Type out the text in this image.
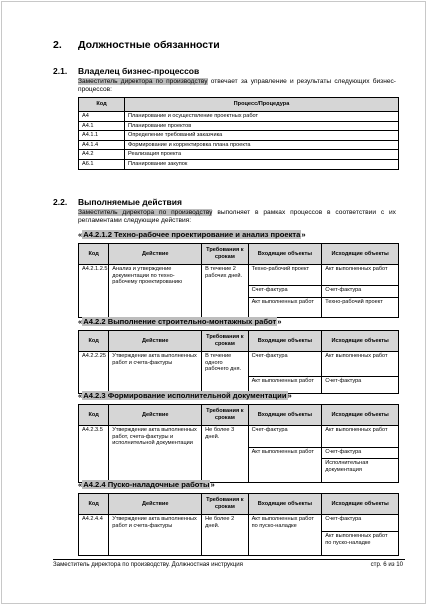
2. Должностные обязанности
2.1. Владелец бизнес-процессов
Заместитель директора по производству отвечает за управление и результаты следующих бизнес-процессов:
Код	Процесс/Процедура
А4	Планирование и осуществление проектных работ
А4.1	Планирование проектов
А4.1.1	Определение требований заказчика
А4.1.4	Формирование и корректировка плана проекта
А4.2	Реализация проекта
А6.1	Планирование закупок
2.2. Выполняемые действия
Заместитель директора по производству выполняет в рамках процессов в соответствии с их регламентами следующие действия:
«А4.2.1.2 Техно-рабочее проектирование и анализ проекта»
Код	Действие	Требования к срокам	Входящие объекты	Исходящие объекты
А4.2.1.2.5	Анализ и утверждение документации по техно-рабочему проектированию	В течение 2 рабочих дней.	Техно-рабочий проект	Акт выполненных работ
			Счет-фактура	Счет-фактура
			Акт выполненных работ	Техно-рабочий проект
«А4.2.2 Выполнение строительно-монтажных работ»
Код	Действие	Требования к срокам	Входящие объекты	Исходящие объекты
А4.2.2.25	Утверждение акта выполненных работ и счета-фактуры	В течение одного рабочего дня.	Счет-фактура	Акт выполненных работ
			Акт выполненных работ	Счет-фактура
«А4.2.3 Формирование исполнительной документации»
Код	Действие	Требования к срокам	Входящие объекты	Исходящие объекты
А4.2.3.5	Утверждение акта выполненных работ, счета-фактуры и исполнительной документации	Не более 3 дней.	Счет-фактура	Акт выполненных работ
			Акт выполненных работ	Счет-фактура
				Исполнительная документация
«А4.2.4 Пуско-наладочные работы»
Код	Действие	Требования к срокам	Входящие объекты	Исходящие объекты
А4.2.4.4	Утверждение акта выполненных работ и счета-фактуры	Не более 2 дней.	Акт выполненных работ по пуско-наладке	Счет-фактура
				Акт выполненных работ по пуско-наладке
Заместитель директора по производству. Должностная инструкция	стр. 6 из 10
